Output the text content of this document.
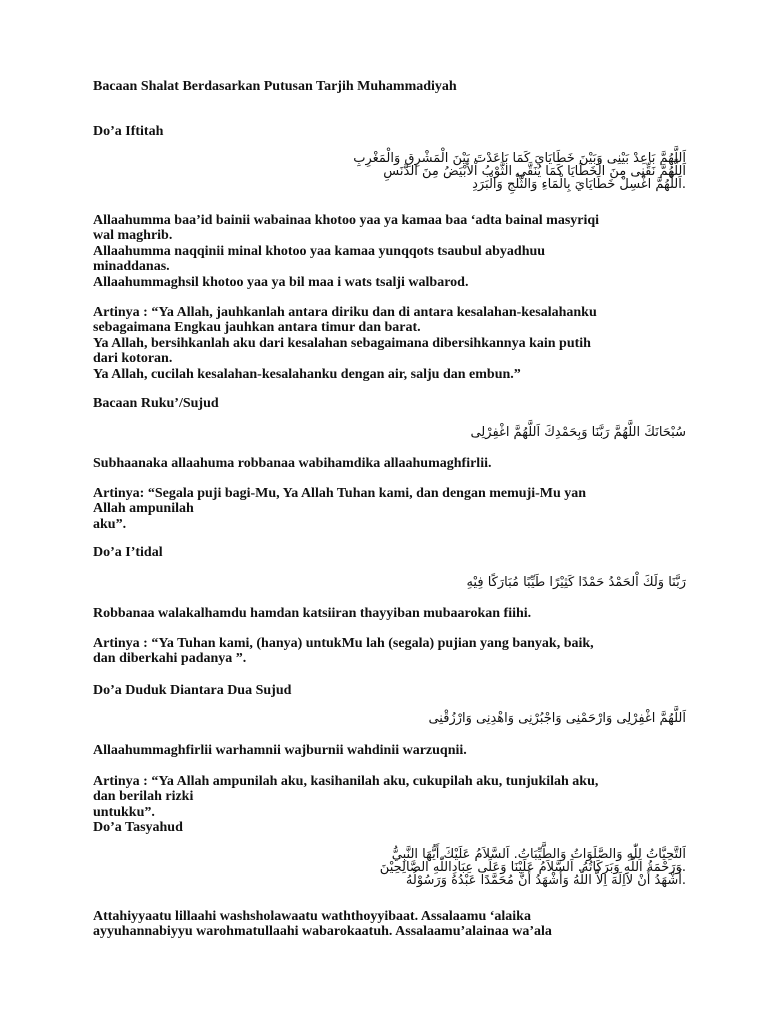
Bacaan Shalat Berdasarkan Putusan Tarjih Muhammadiyah
Do’a Iftitah
اَللَّهُمَّ بَاعِدْ بَيْنِى وَبَيْنَ خَطَايَايَ كَمَا بَاعَدْتَ بَيْنَ الْمَشْرِقِ وَالْمَغْرِبِ
اَللَّهُمَّ نَقِّنِى مِنَ الْخَطَايَا كَمَا يُنَقَّى الثَّوْبُ اْلأَبْيَضُ مِنَ الدَّنَسِ
.اَللَّهُمَّ اغْسِلْ خَطَايَايَ بِالْمَاءِ وَالثَّلْجِ وَالْبَرَدِ
Allaahumma baa’id bainii wabainaa khotoo yaa ya kamaa baa ‘adta bainal masyriqi
wal maghrib.
Allaahumma naqqinii minal khotoo yaa kamaa yunqqots tsaubul abyadhuu
minaddanas.
Allaahummaghsil khotoo yaa ya bil maa i wats tsalji walbarod.
Artinya : “Ya Allah, jauhkanlah antara diriku dan di antara kesalahan-kesalahanku
sebagaimana Engkau jauhkan antara timur dan barat.
Ya Allah, bersihkanlah aku dari kesalahan sebagaimana dibersihkannya kain putih
dari kotoran.
Ya Allah, cucilah kesalahan-kesalahanku dengan air, salju dan embun.”
Bacaan Ruku’/Sujud
سُبْحَانَكَ اللَّهُمَّ رَبَّنَا وَبِحَمْدِكَ اَللَّهُمَّ اغْفِرْلِى
Subhaanaka allaahuma robbanaa wabihamdika allaahumaghfirlii.
Artinya: “Segala puji bagi-Mu, Ya Allah Tuhan kami, dan dengan memuji-Mu yan
Allah ampunilah
aku”.
Do’a I’tidal
رَبَّنَا وَلَكَ اْلحَمْدُ حَمْدًا كَثِيْرًا طَيِّبًا مُبَارَكًا فِيْهِ
Robbanaa walakalhamdu hamdan katsiiran thayyiban mubaarokan fiihi.
Artinya : “Ya Tuhan kami, (hanya) untukMu lah (segala) pujian yang banyak, baik,
dan diberkahi padanya ”.
Do’a Duduk Diantara Dua Sujud
اَللَّهُمَّ اغْفِرْلِى وَارْحَمْنِى وَاجْبُرْنِى وَاهْدِنِى وَارْزُقْنِى
Allaahummaghfirlii warhamnii wajburnii wahdinii warzuqnii.
Artinya : “Ya Allah ampunilah aku, kasihanilah aku, cukupilah aku, tunjukilah aku,
dan berilah rizki
untukku”.
Do’a Tasyahud
اَلتَّحِيَّاتُ لِلّٰهِ وَالصَّلَوَاتُ وَالطَّيِّبَاتُ. اَلسَّلاَمُ عَلَيْكَ أَيُّهَا النَّبِيُّ
.وَرَحْمَةُ اللّٰهِ وَبَرَكَاتُهُ. اَلسَّلاَمُ عَلَيْنَا وَعَلَى عِبَادِاللّٰهِ الصَّالِحِيْنَ
.أَشْهَدُ أَنْ لاَاِلَهَ اِلاَّ اللّٰهُ وَأَشْهَدُ أَنَّ مُحَمَّدًا عَبْدُهُ وَرَسُوْلُهُ
Attahiyyaatu lillaahi washsholawaatu waththoyyibaat. Assalaamu ‘alaika
ayyuhannabiyyu warohmatullaahi wabarokaatuh. Assalaamu’alainaa wa’ala
